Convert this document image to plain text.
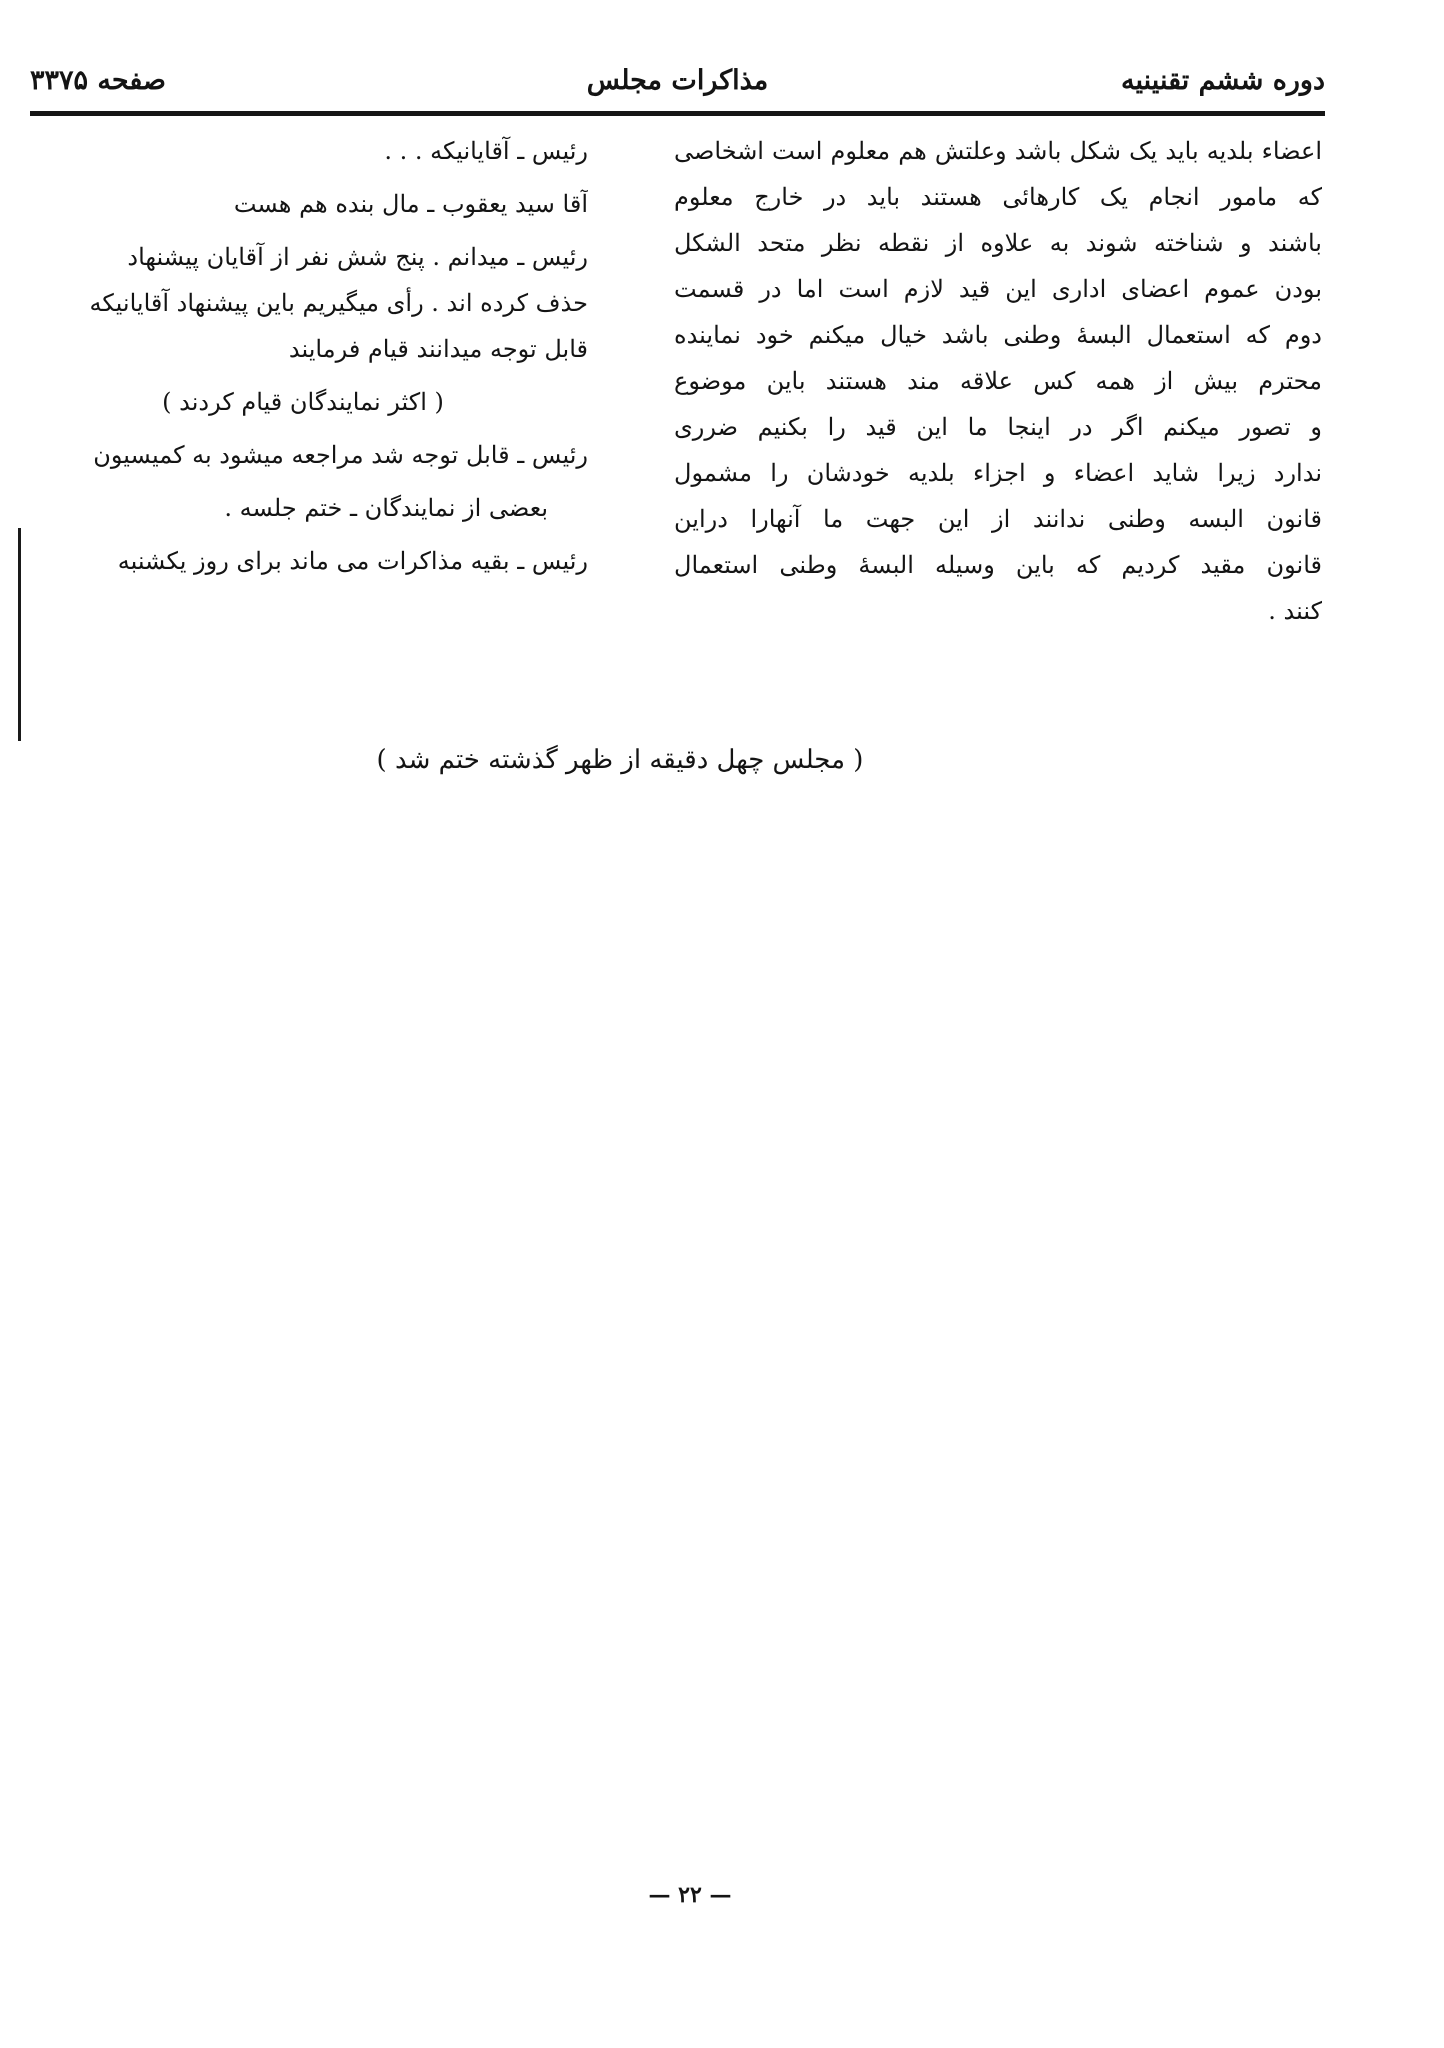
دوره ششم تقنینیه
مذاکرات مجلس
صفحه ۳۳۷۵
اعضاء بلدیه باید یک شکل باشد وعلتش هم معلوم است اشخاصی
که مامور انجام یک کارهائی هستند باید در خارج معلوم
باشند و شناخته شوند به علاوه از نقطه نظر متحد الشکل
بودن عموم اعضای اداری این قید لازم است اما در قسمت
دوم که استعمال البسهٔ وطنی باشد خیال میکنم خود نماینده
محترم بیش از همه کس علاقه مند هستند باین موضوع
و تصور میکنم اگر در اینجا ما این قید را بکنیم ضرری
ندارد زیرا شاید اعضاء و اجزاء بلدیه خودشان را مشمول
قانون البسه وطنی ندانند از این جهت ما آنهارا دراین
قانون مقید کردیم که باین وسیله البسهٔ وطنی استعمال
کنند .
رئیس ـ آقایانیکه . . .
آقا سید یعقوب ـ مال بنده هم هست
رئیس ـ میدانم . پنج شش نفر از آقایان پیشنهاد
حذف کرده اند . رأی میگیریم باین پیشنهاد آقایانیکه
قابل توجه میدانند قیام فرمایند
( اکثر نمایندگان قیام کردند )
رئیس ـ قابل توجه شد مراجعه میشود به کمیسیون
بعضی از نمایندگان ـ ختم جلسه .
رئیس ـ بقیه مذاکرات می ماند برای روز یکشنبه
( مجلس چهل دقیقه از ظهر گذشته ختم شد )
— ۲۲ —
